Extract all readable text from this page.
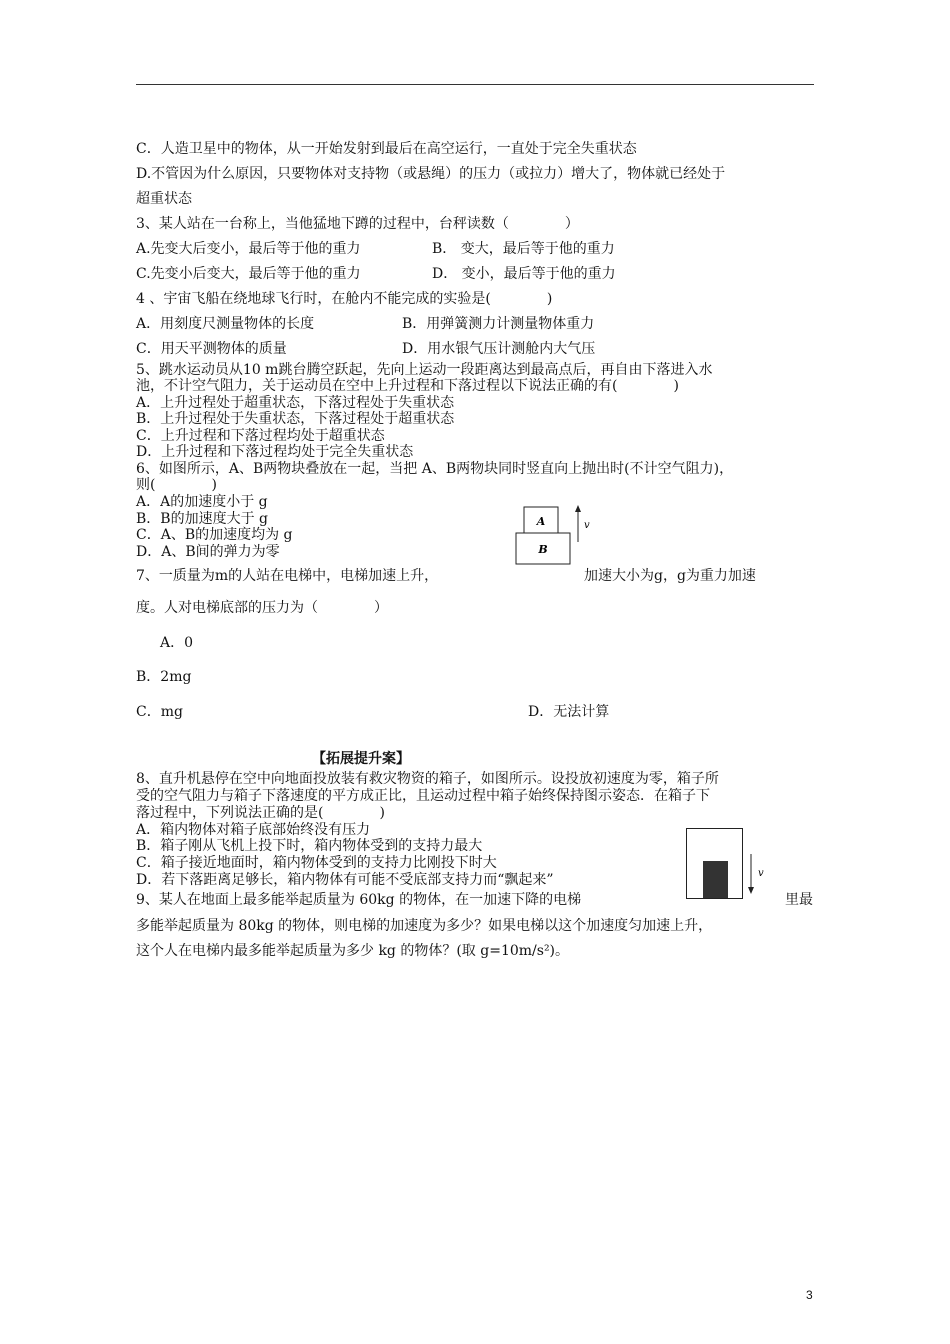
C．人造卫星中的物体，从一开始发射到最后在高空运行，一直处于完全失重状态
D.不管因为什么原因，只要物体对支持物（或悬绳）的压力（或拉力）增大了，物体就已经处于
超重状态
3、某人站在一台称上，当他猛地下蹲的过程中，台秤读数（　　　　）
A.先变大后变小，最后等于他的重力	B． 变大，最后等于他的重力
C.先变小后变大，最后等于他的重力	D． 变小，最后等于他的重力
4 、宇宙飞船在绕地球飞行时，在舱内不能完成的实验是(　　　　)
A．用刻度尺测量物体的长度	B．用弹簧测力计测量物体重力
C．用天平测物体的质量	D．用水银气压计测舱内大气压
5、跳水运动员从10 m跳台腾空跃起，先向上运动一段距离达到最高点后，再自由下落进入水
池，不计空气阻力，关于运动员在空中上升过程和下落过程以下说法正确的有(　　　　)
A．上升过程处于超重状态，下落过程处于失重状态
B．上升过程处于失重状态，下落过程处于超重状态
C．上升过程和下落过程均处于超重状态
D．上升过程和下落过程均处于完全失重状态
6、如图所示，A、B两物块叠放在一起，当把 A、B两物块同时竖直向上抛出时(不计空气阻力)，
则(　　　　)
A．A的加速度小于 g
B．B的加速度大于 g
C．A、B的加速度均为 g
D．A、B间的弹力为零
A
B
v
7、一质量为m的人站在电梯中，电梯加速上升，	加速大小为g，g为重力加速
度。人对电梯底部的压力为（　　　　）
A．0
B．2mg
C．mg	D．无法计算
【拓展提升案】
8、直升机悬停在空中向地面投放装有救灾物资的箱子，如图所示。设投放初速度为零，箱子所
受的空气阻力与箱子下落速度的平方成正比，且运动过程中箱子始终保持图示姿态．在箱子下
落过程中，下列说法正确的是(　　　　)
A．箱内物体对箱子底部始终没有压力
B．箱子刚从飞机上投下时，箱内物体受到的支持力最大
C．箱子接近地面时，箱内物体受到的支持力比刚投下时大
D．若下落距离足够长，箱内物体有可能不受底部支持力而“飘起来”	v
9、某人在地面上最多能举起质量为 60kg 的物体，在一加速下降的电梯	里最
多能举起质量为 80kg 的物体，则电梯的加速度为多少？如果电梯以这个加速度匀加速上升，
这个人在电梯内最多能举起质量为多少 kg 的物体？(取 g=10m/s²)。
3
